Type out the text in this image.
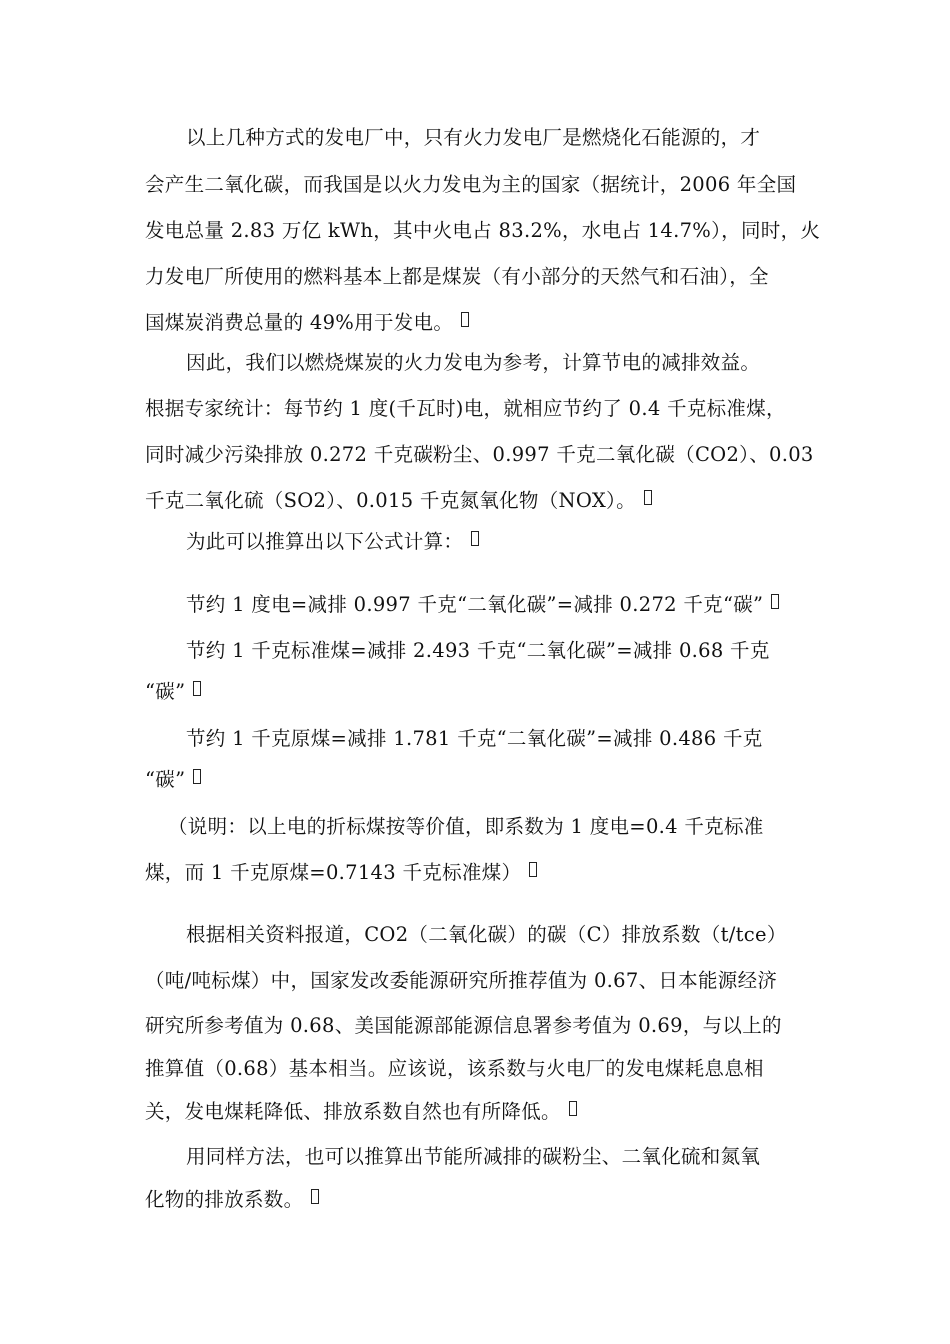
以上几种方式的发电厂中，只有火力发电厂是燃烧化石能源的，才
会产生二氧化碳，而我国是以火力发电为主的国家（据统计，2006 年全国
发电总量 2.83 万亿 kWh，其中火电占 83.2%，水电占 14.7%），同时，火
力发电厂所使用的燃料基本上都是煤炭（有小部分的天然气和石油），全
国煤炭消费总量的 49%用于发电。
因此，我们以燃烧煤炭的火力发电为参考，计算节电的减排效益。
根据专家统计：每节约 1 度(千瓦时)电，就相应节约了 0.4 千克标准煤，
同时减少污染排放 0.272 千克碳粉尘、0.997 千克二氧化碳（CO2）、0.03
千克二氧化硫（SO2）、0.015 千克氮氧化物（NOX）。
为此可以推算出以下公式计算：
节约 1 度电=减排 0.997 千克“二氧化碳”=减排 0.272 千克“碳”
节约 1 千克标准煤=减排 2.493 千克“二氧化碳”=减排 0.68 千克
“碳”
节约 1 千克原煤=减排 1.781 千克“二氧化碳”=减排 0.486 千克
“碳”
（说明：以上电的折标煤按等价值，即系数为 1 度电=0.4 千克标准
煤，而 1 千克原煤=0.7143 千克标准煤）
根据相关资料报道，CO2（二氧化碳）的碳（C）排放系数（t/tce）
（吨/吨标煤）中，国家发改委能源研究所推荐值为 0.67、日本能源经济
研究所参考值为 0.68、美国能源部能源信息署参考值为 0.69，与以上的
推算值（0.68）基本相当。应该说，该系数与火电厂的发电煤耗息息相
关，发电煤耗降低、排放系数自然也有所降低。
用同样方法，也可以推算出节能所减排的碳粉尘、二氧化硫和氮氧
化物的排放系数。
